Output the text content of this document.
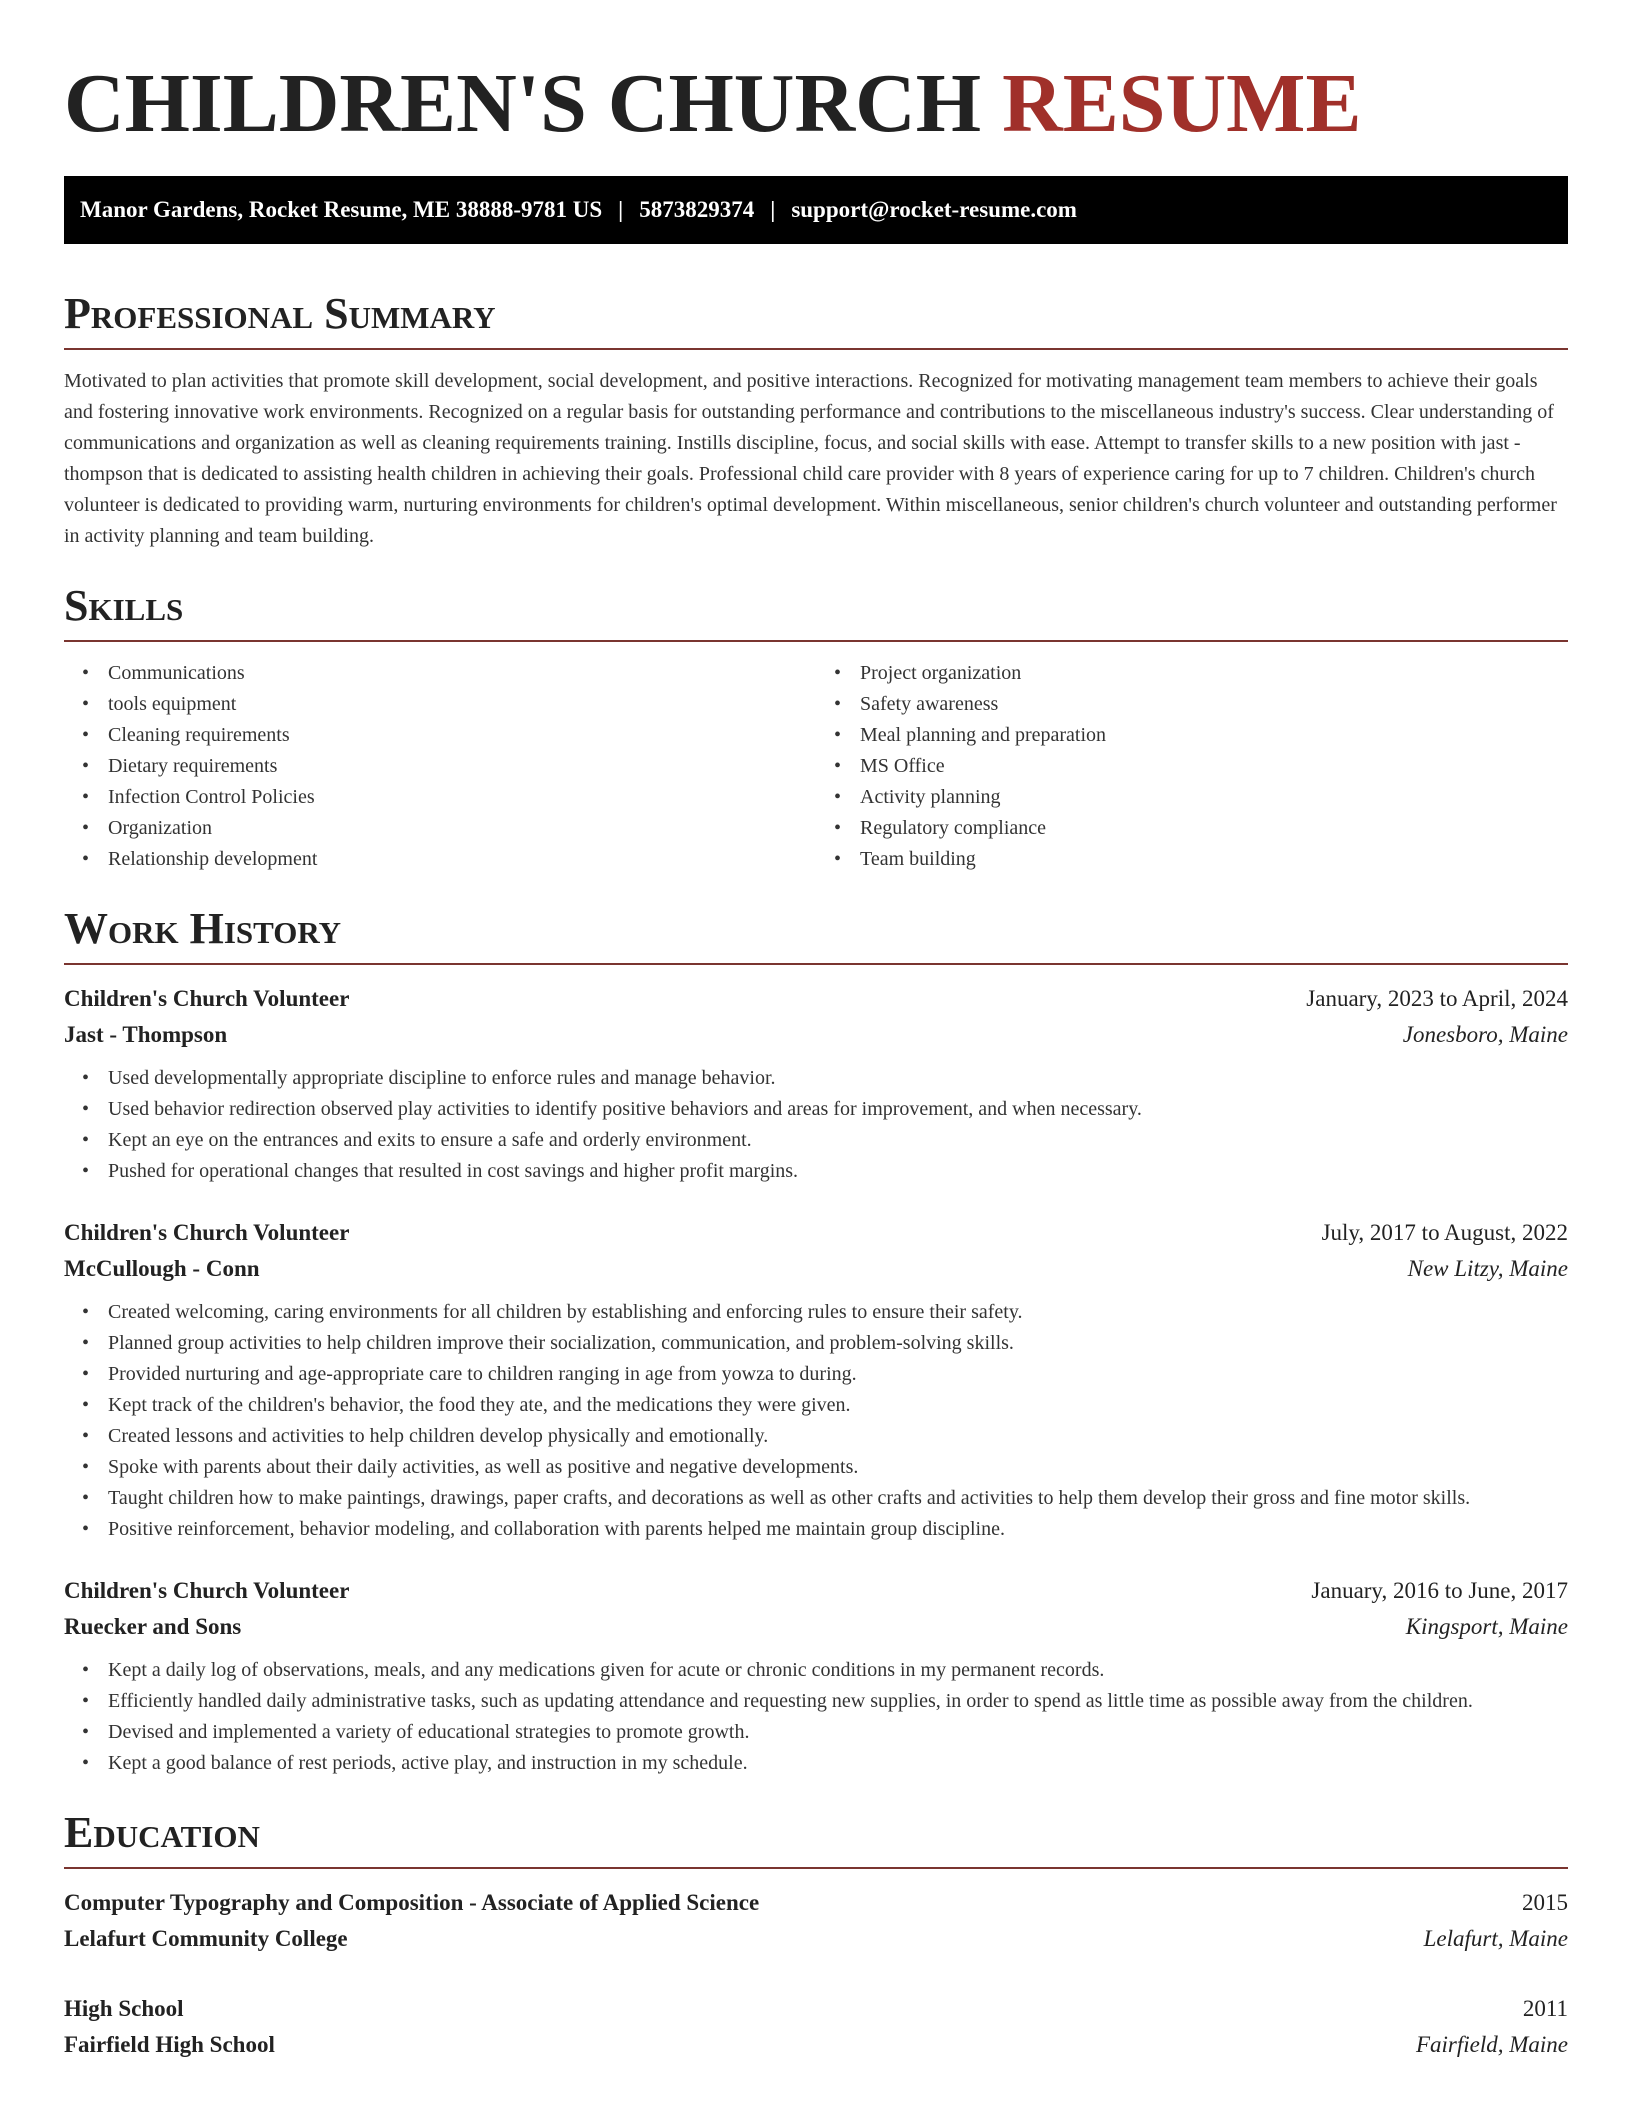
CHILDREN'S CHURCH RESUME
Manor Gardens, Rocket Resume, ME 38888-9781 US | 5873829374 | support@rocket-resume.com
Professional Summary

Motivated to plan activities that promote skill development, social development, and positive interactions. Recognized for motivating management team members to achieve their goals and fostering innovative work environments. Recognized on a regular basis for outstanding performance and contributions to the miscellaneous industry's success. Clear understanding of communications and organization as well as cleaning requirements training. Instills discipline, focus, and social skills with ease. Attempt to transfer skills to a new position with jast - thompson that is dedicated to assisting health children in achieving their goals. Professional child care provider with 8 years of experience caring for up to 7 children. Children's church volunteer is dedicated to providing warm, nurturing environments for children's optimal development. Within miscellaneous, senior children's church volunteer and outstanding performer in activity planning and team building.

Skills
• Communications
• tools equipment
• Cleaning requirements
• Dietary requirements
• Infection Control Policies
• Organization
• Relationship development
• Project organization
• Safety awareness
• Meal planning and preparation
• MS Office
• Activity planning
• Regulatory compliance
• Team building
Work History
Children's Church Volunteer	January, 2023 to April, 2024
Jast - Thompson	Jonesboro, Maine
• Used developmentally appropriate discipline to enforce rules and manage behavior.
• Used behavior redirection observed play activities to identify positive behaviors and areas for improvement, and when necessary.
• Kept an eye on the entrances and exits to ensure a safe and orderly environment.
• Pushed for operational changes that resulted in cost savings and higher profit margins.
Children's Church Volunteer	July, 2017 to August, 2022
McCullough - Conn	New Litzy, Maine
• Created welcoming, caring environments for all children by establishing and enforcing rules to ensure their safety.
• Planned group activities to help children improve their socialization, communication, and problem-solving skills.
• Provided nurturing and age-appropriate care to children ranging in age from yowza to during.
• Kept track of the children's behavior, the food they ate, and the medications they were given.
• Created lessons and activities to help children develop physically and emotionally.
• Spoke with parents about their daily activities, as well as positive and negative developments.
• Taught children how to make paintings, drawings, paper crafts, and decorations as well as other crafts and activities to help them develop their gross and fine motor skills.
• Positive reinforcement, behavior modeling, and collaboration with parents helped me maintain group discipline.
Children's Church Volunteer	January, 2016 to June, 2017
Ruecker and Sons	Kingsport, Maine
• Kept a daily log of observations, meals, and any medications given for acute or chronic conditions in my permanent records.
• Efficiently handled daily administrative tasks, such as updating attendance and requesting new supplies, in order to spend as little time as possible away from the children.
• Devised and implemented a variety of educational strategies to promote growth.
• Kept a good balance of rest periods, active play, and instruction in my schedule.
Education
Computer Typography and Composition - Associate of Applied Science	2015
Lelafurt Community College	Lelafurt, Maine
High School	2011
Fairfield High School	Fairfield, Maine
